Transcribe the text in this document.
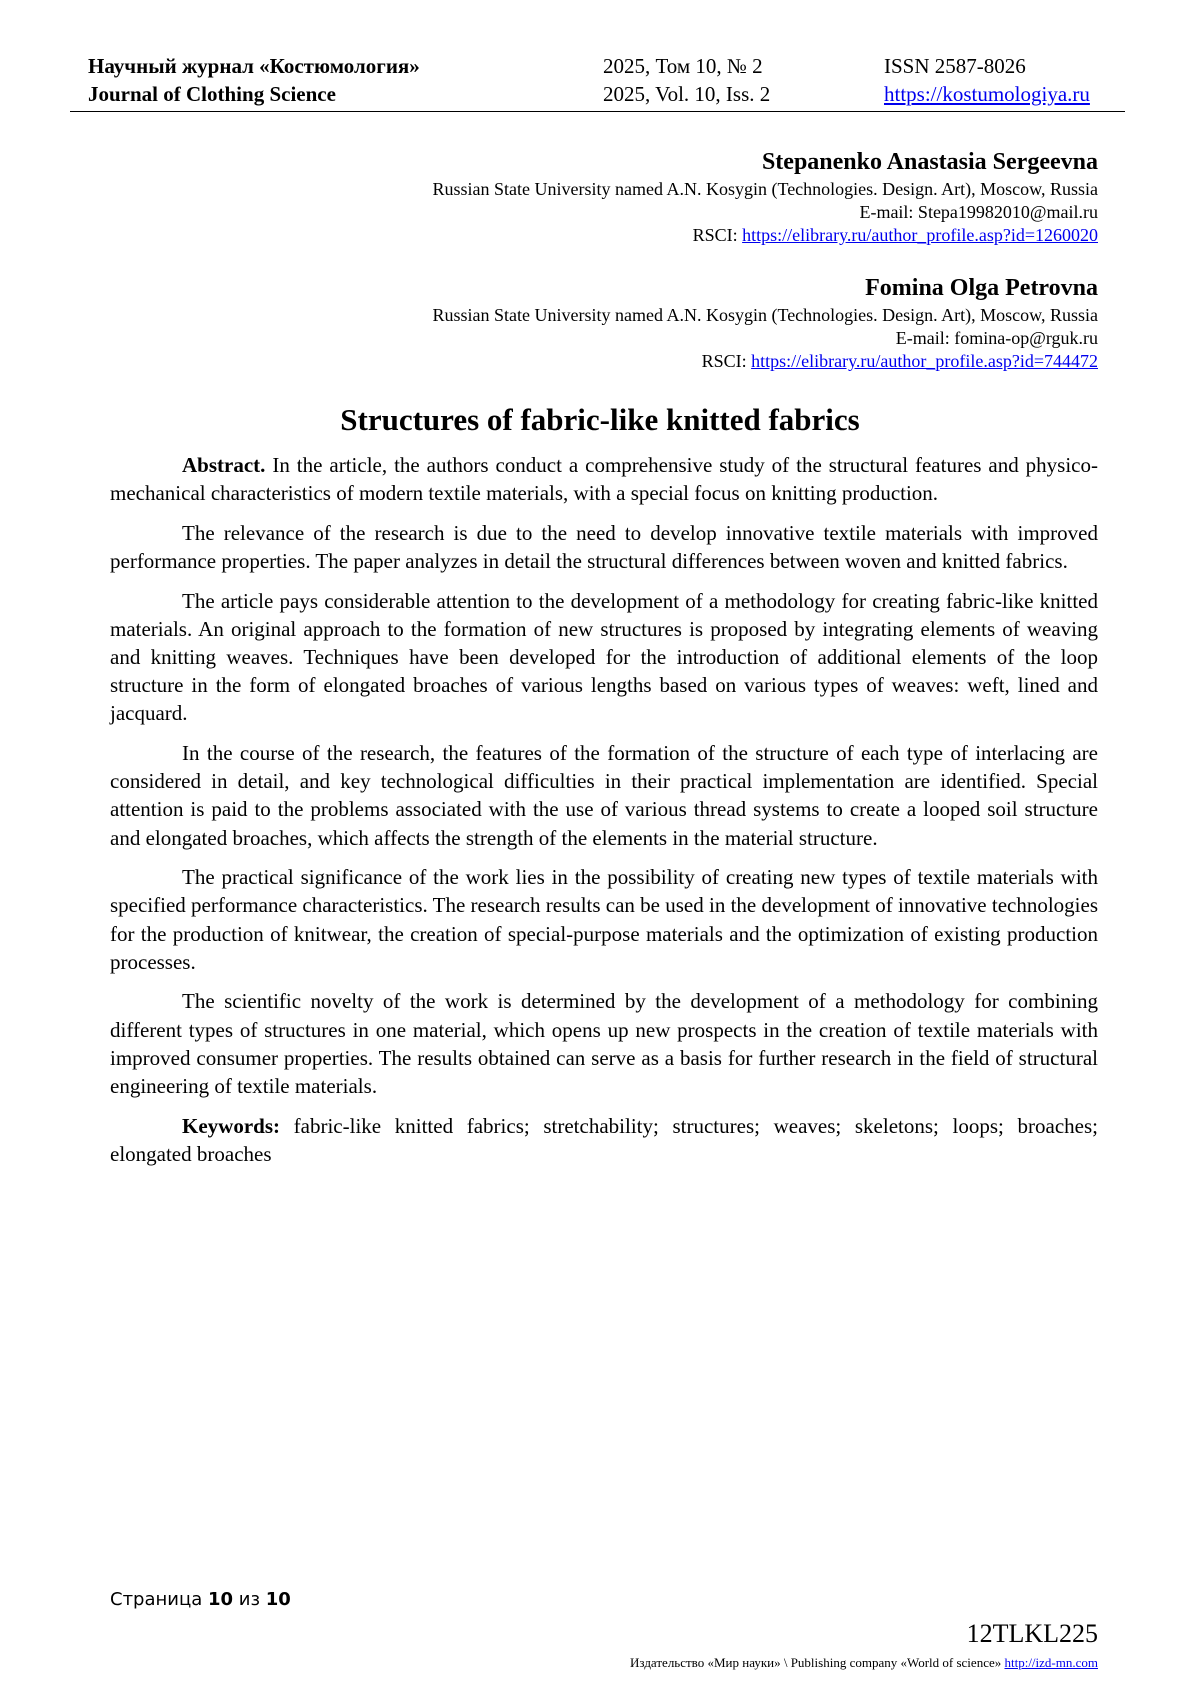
Научный журнал «Костюмология»
Journal of Clothing Science
2025, Том 10, № 2
2025, Vol. 10, Iss. 2
ISSN 2587-8026
https://kostumologiya.ru
Stepanenko Anastasia Sergeevna
Russian State University named A.N. Kosygin (Technologies. Design. Art), Moscow, Russia
E-mail: Stepa19982010@mail.ru
RSCI: https://elibrary.ru/author_profile.asp?id=1260020
Fomina Olga Petrovna
Russian State University named A.N. Kosygin (Technologies. Design. Art), Moscow, Russia
E-mail: fomina-op@rguk.ru
RSCI: https://elibrary.ru/author_profile.asp?id=744472
Structures of fabric-like knitted fabrics

Abstract. In the article, the authors conduct a comprehensive study of the structural features and physico-mechanical characteristics of modern textile materials, with a special focus on knitting production.

The relevance of the research is due to the need to develop innovative textile materials with improved performance properties. The paper analyzes in detail the structural differences between woven and knitted fabrics.

The article pays considerable attention to the development of a methodology for creating fabric-like knitted materials. An original approach to the formation of new structures is proposed by integrating elements of weaving and knitting weaves. Techniques have been developed for the introduction of additional elements of the loop structure in the form of elongated broaches of various lengths based on various types of weaves: weft, lined and jacquard.

In the course of the research, the features of the formation of the structure of each type of interlacing are considered in detail, and key technological difficulties in their practical implementation are identified. Special attention is paid to the problems associated with the use of various thread systems to create a looped soil structure and elongated broaches, which affects the strength of the elements in the material structure.

The practical significance of the work lies in the possibility of creating new types of textile materials with specified performance characteristics. The research results can be used in the development of innovative technologies for the production of knitwear, the creation of special-purpose materials and the optimization of existing production processes.

The scientific novelty of the work is determined by the development of a methodology for combining different types of structures in one material, which opens up new prospects in the creation of textile materials with improved consumer properties. The results obtained can serve as a basis for further research in the field of structural engineering of textile materials.

Keywords: fabric-like knitted fabrics; stretchability; structures; weaves; skeletons; loops; broaches; elongated broaches

Страница 10 из 10
12TLKL225
Издательство «Мир науки» \ Publishing company «World of science» http://izd-mn.com
